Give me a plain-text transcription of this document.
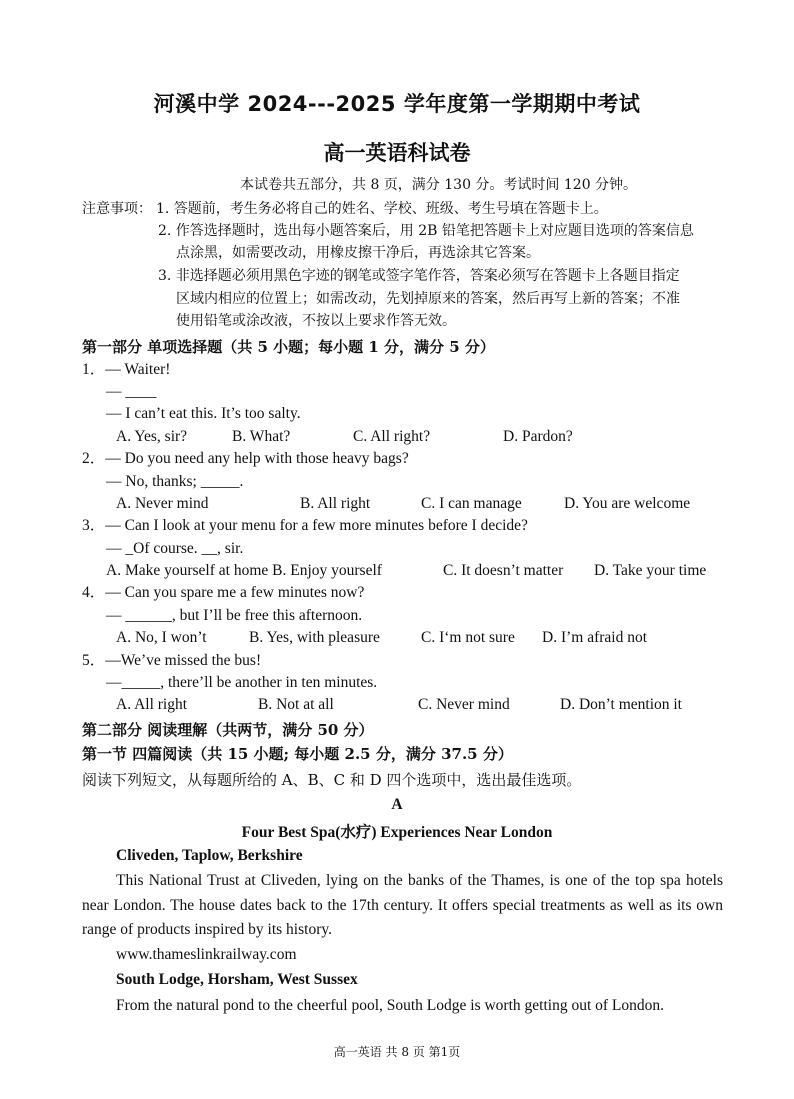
河溪中学 2024---2025 学年度第一学期期中考试
高一英语科试卷
本试卷共五部分，共 8 页，满分 130 分。考试时间 120 分钟。
注意事项： 1. 答题前，考生务必将自己的姓名、学校、班级、考生号填在答题卡上。
2. 作答选择题时，选出每小题答案后，用 2B 铅笔把答题卡上对应题目选项的答案信息
点涂黑，如需要改动，用橡皮擦干净后，再选涂其它答案。
3. 非选择题必须用黑色字迹的钢笔或签字笔作答，答案必须写在答题卡上各题目指定
区域内相应的位置上；如需改动，先划掉原来的答案，然后再写上新的答案；不准
使用铅笔或涂改液，不按以上要求作答无效。
第一部分 单项选择题（共 5 小题；每小题 1 分，满分 5 分）
1．— Waiter!
— ____
— I can’t eat this. It’s too salty.
A. Yes, sir?	B. What?	C. All right?	D. Pardon?
2．— Do you need any help with those heavy bags?
— No, thanks; _____.
A. Never mind	B. All right	C. I can manage	D. You are welcome
3．— Can I look at your menu for a few more minutes before I decide?
— _Of course. __, sir.
A. Make yourself at home B. Enjoy yourself	C. It doesn’t matter D. Take your time
4．— Can you spare me a few minutes now?
— ______, but I’ll be free this afternoon.
A. No, I won’t	B. Yes, with pleasure	C. I‘m not sure D. I’m afraid not
5．—We’ve missed the bus!
—_____, there’ll be another in ten minutes.
A. All right	B. Not at all	C. Never mind	D. Don’t mention it
第二部分 阅读理解（共两节，满分 50 分）
第一节 四篇阅读（共 15 小题; 每小题 2.5 分，满分 37.5 分）
阅读下列短文，从每题所给的 A、B、C 和 D 四个选项中，选出最佳选项。
A
Four Best Spa(水疗) Experiences Near London
Cliveden, Taplow, Berkshire
This National Trust at Cliveden, lying on the banks of the Thames, is one of the top spa hotels near London. The house dates back to the 17th century. It offers special treatments as well as its own range of products inspired by its history.
www.thameslinkrailway.com
South Lodge, Horsham, West Sussex
From the natural pond to the cheerful pool, South Lodge is worth getting out of London.
高一英语 共 8 页 第1页
